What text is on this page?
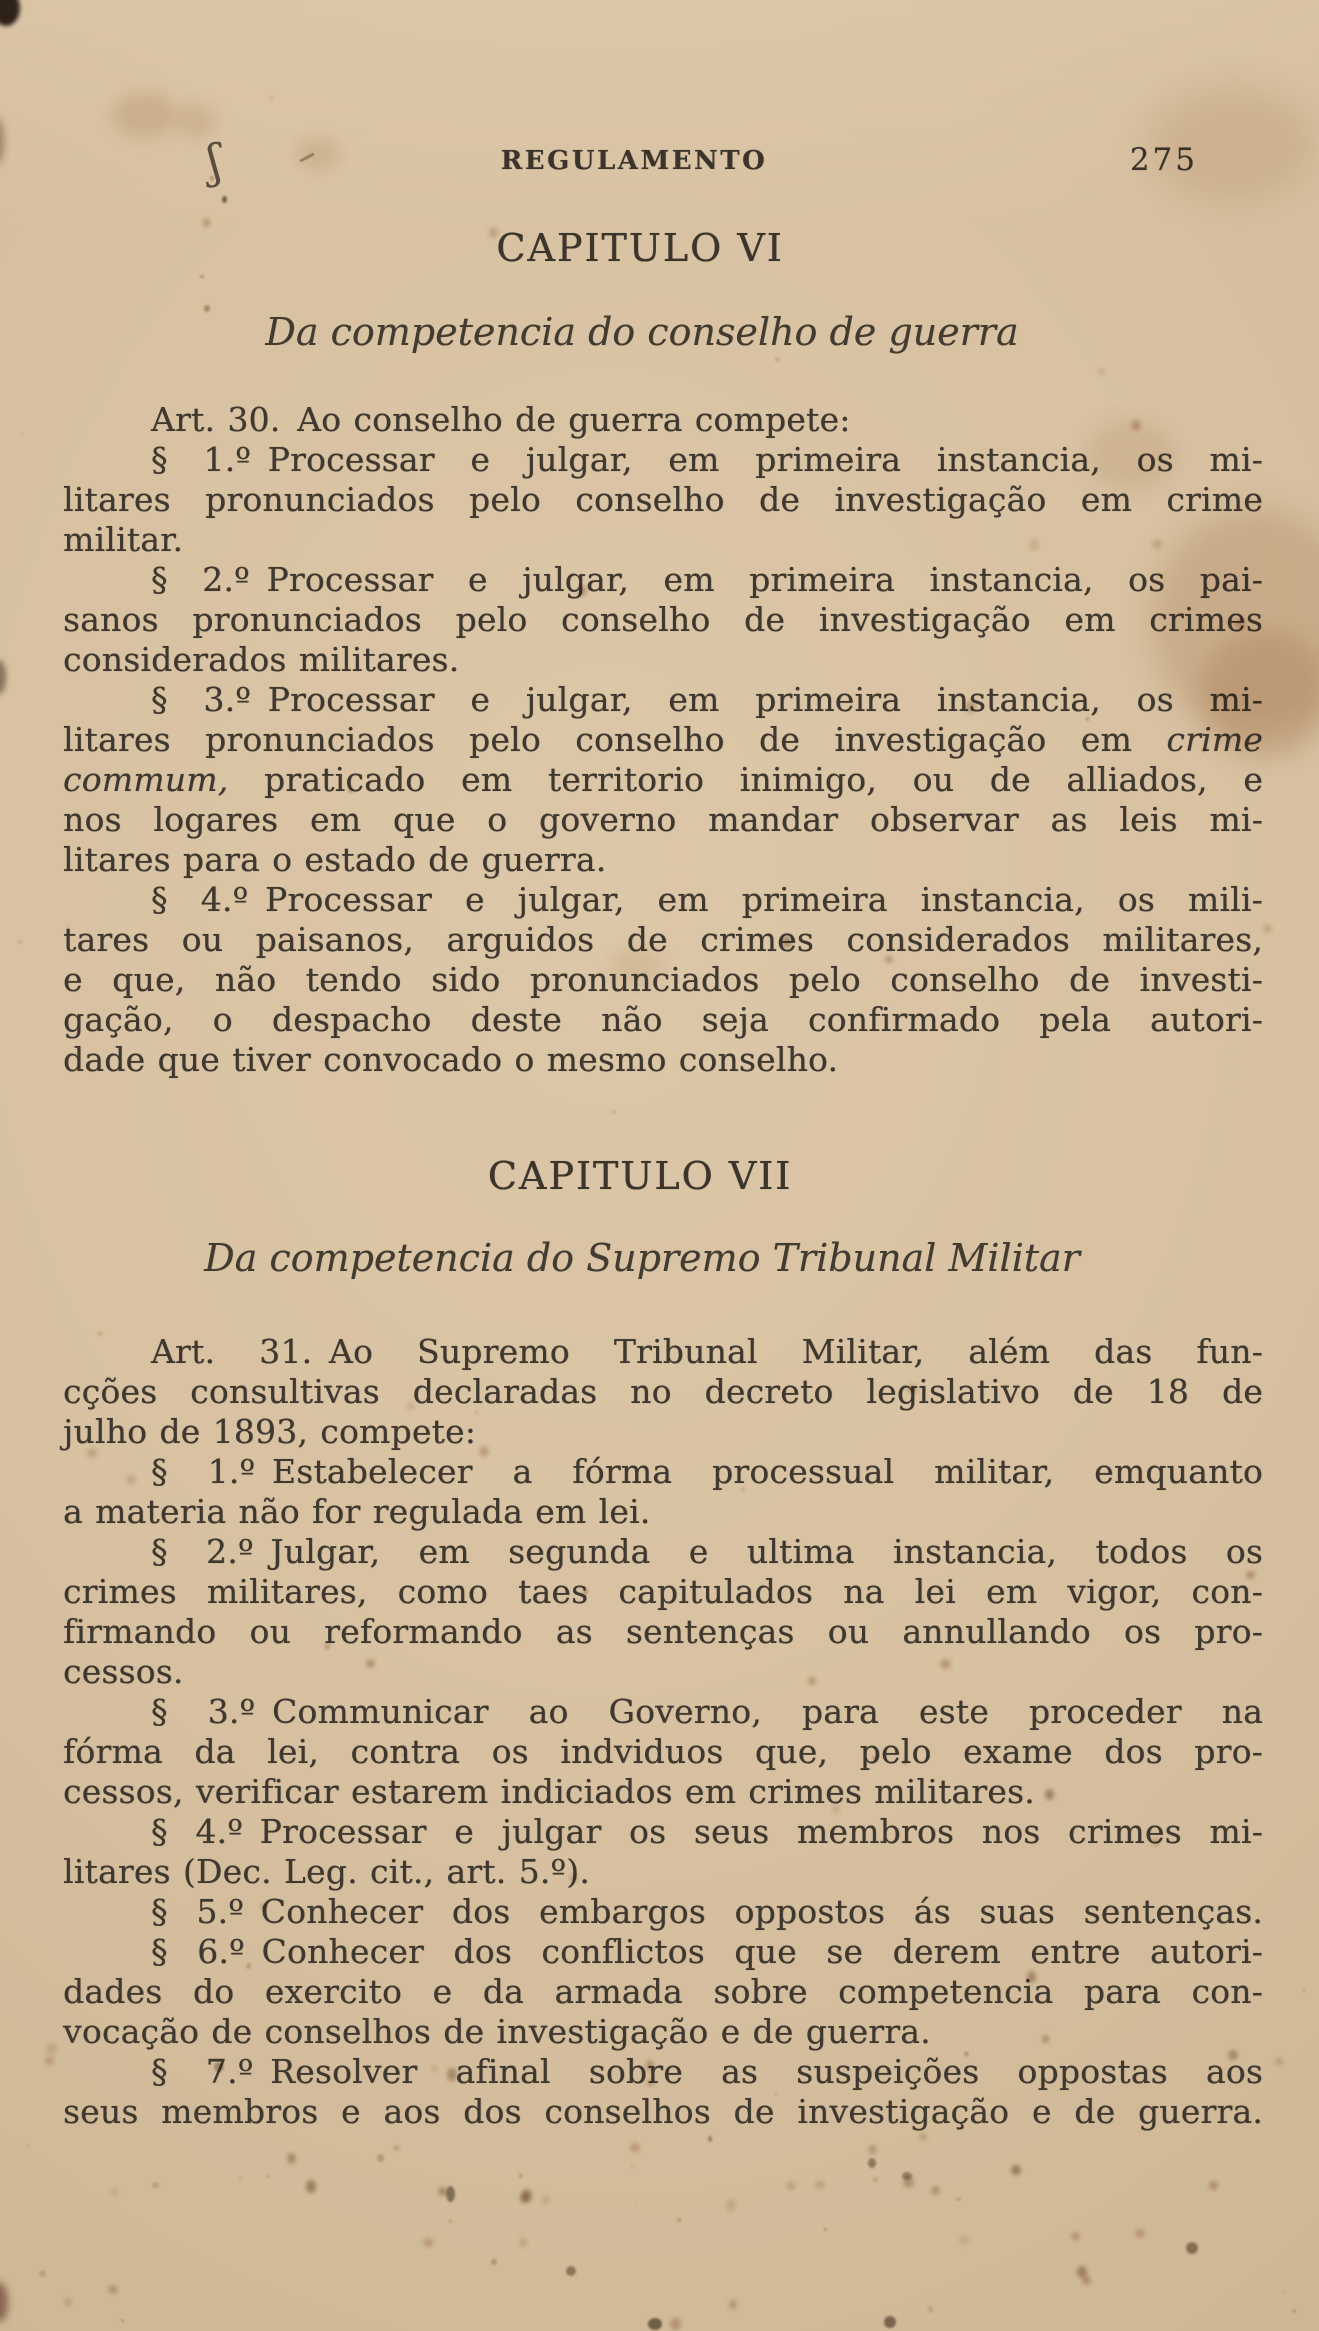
REGULAMENTO	275
CAPITULO VI
Da competencia do conselho de guerra
Art. 30. Ao conselho de guerra compete:
§ 1.º Processar e julgar, em primeira instancia, os mi-
litares pronunciados pelo conselho de investigação em crime
militar.
§ 2.º Processar e julgar, em primeira instancia, os pai-
sanos pronunciados pelo conselho de investigação em crimes
considerados militares.
§ 3.º Processar e julgar, em primeira instancia, os mi-
litares pronunciados pelo conselho de investigação em crime
commum, praticado em territorio inimigo, ou de alliados, e
nos logares em que o governo mandar observar as leis mi-
litares para o estado de guerra.
§ 4.º Processar e julgar, em primeira instancia, os mili-
tares ou paisanos, arguidos de crimes considerados militares,
e que, não tendo sido pronunciados pelo conselho de investi-
gação, o despacho deste não seja confirmado pela autori-
dade que tiver convocado o mesmo conselho.
CAPITULO VII
Da competencia do Supremo Tribunal Militar
Art. 31. Ao Supremo Tribunal Militar, além das fun-
cções consultivas declaradas no decreto legislativo de 18 de
julho de 1893, compete:
§ 1.º Estabelecer a fórma processual militar, emquanto
a materia não for regulada em lei.
§ 2.º Julgar, em segunda e ultima instancia, todos os
crimes militares, como taes capitulados na lei em vigor, con-
firmando ou reformando as sentenças ou annullando os pro-
cessos.
§ 3.º Communicar ao Governo, para este proceder na
fórma da lei, contra os indviduos que, pelo exame dos pro-
cessos, verificar estarem indiciados em crimes militares.
§ 4.º Processar e julgar os seus membros nos crimes mi-
litares (Dec. Leg. cit., art. 5.º).
§ 5.º Conhecer dos embargos oppostos ás suas sentenças.
§ 6.º Conhecer dos conflictos que se derem entre autori-
dades do exercito e da armada sobre competencia para con-
vocação de conselhos de investigação e de guerra.
§ 7.º Resolver afinal sobre as suspeições oppostas aos
seus membros e aos dos conselhos de investigação e de guerra.
ʃ
